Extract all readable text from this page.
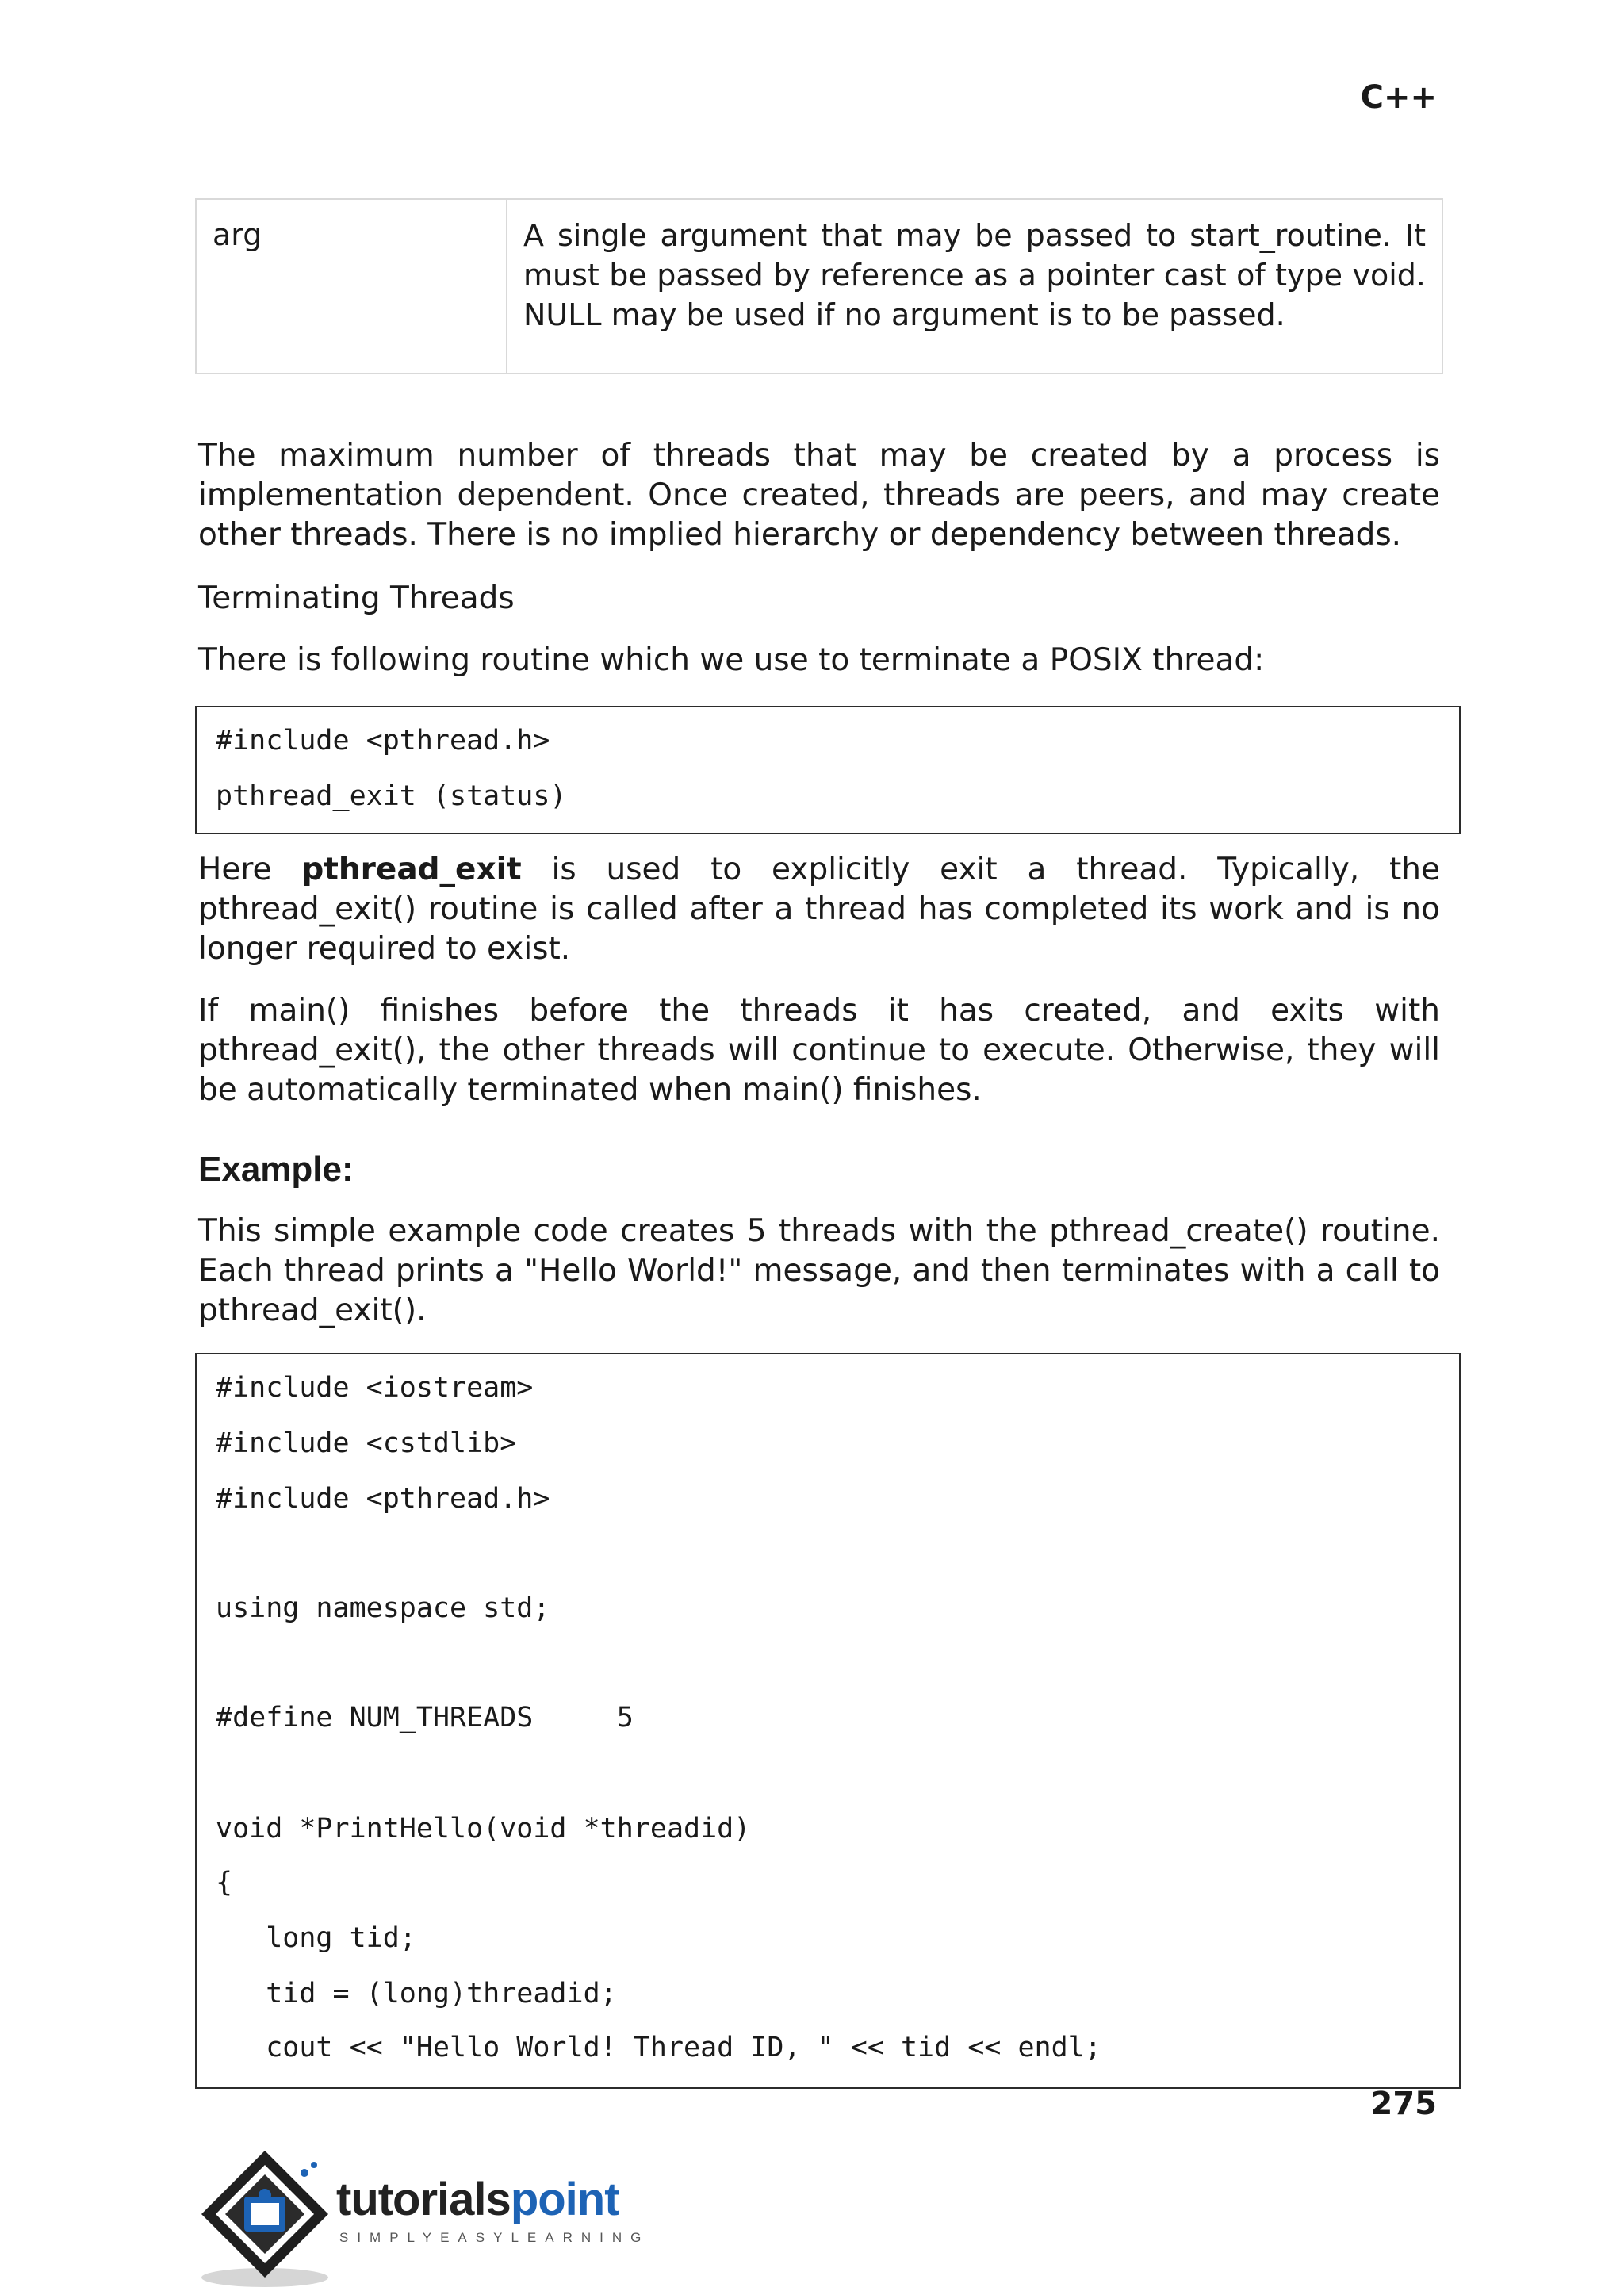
C++
arg	A single argument that may be passed to start_routine. It must be passed by reference as a pointer cast of type void. NULL may be used if no argument is to be passed.
The maximum number of threads that may be created by a process is implementation dependent. Once created, threads are peers, and may create other threads. There is no implied hierarchy or dependency between threads.
Terminating Threads
There is following routine which we use to terminate a POSIX thread:
#include <pthread.h>
pthread_exit (status)
Here pthread_exit is used to explicitly exit a thread. Typically, the pthread_exit() routine is called after a thread has completed its work and is no longer required to exist.
If main() finishes before the threads it has created, and exits with pthread_exit(), the other threads will continue to execute. Otherwise, they will be automatically terminated when main() finishes.
Example:
This simple example code creates 5 threads with the pthread_create() routine. Each thread prints a "Hello World!" message, and then terminates with a call to pthread_exit().
#include <iostream>
#include <cstdlib>
#include <pthread.h>
using namespace std;
#define NUM_THREADS     5
void *PrintHello(void *threadid)
{
long tid;
tid = (long)threadid;
cout << "Hello World! Thread ID, " << tid << endl;
275
tutorialspoint
SIMPLYEASYLEARNING
